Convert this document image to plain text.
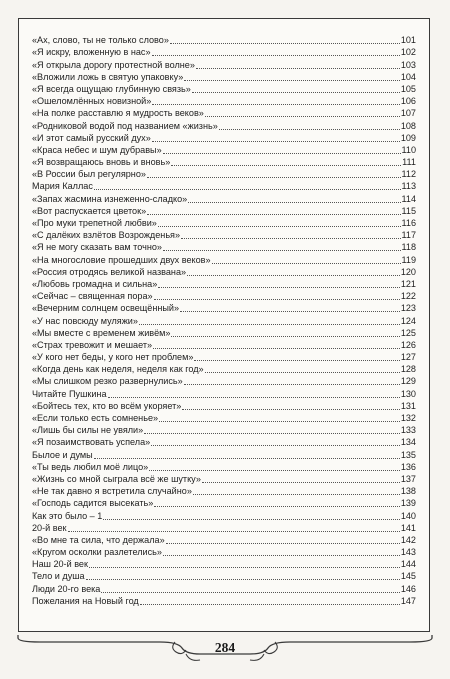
«Ах, слово, ты не только слово»	101
«Я искру, вложенную в нас»	102
«Я открыла дорогу протестной волне»	103
«Вложили ложь в святую упаковку»	104
«Я всегда ощущаю глубинную связь»	105
«Ошеломлённых новизной»	106
«На полке расставлю я мудрость веков»	107
«Родниковой водой под названием «жизнь»	108
«И этот самый русский дух»	109
«Краса небес и шум дубравы»	110
«Я возвращаюсь вновь и вновь»	111
«В России был регулярно»	112
Мария Каллас	113
«Запах жасмина изнеженно-сладко»	114
«Вот распускается цветок»	115
«Про муки трепетной любви»	116
«С далёких взлётов Возрожденья»	117
«Я не могу сказать вам точно»	118
«На многословие прошедших двух веков»	119
«Россия отродясь великой названа»	120
«Любовь громадна и сильна»	121
«Сейчас – священная пора»	122
«Вечерним солнцем освещённый»	123
«У нас повсюду муляжи»	124
«Мы вместе с временем живём»	125
«Страх тревожит и мешает»	126
«У кого нет беды, у кого нет проблем»	127
«Когда день как неделя, неделя как год»	128
«Мы слишком резко развернулись»	129
Читайте Пушкина	130
«Бойтесь тех, кто во всём укоряет»	131
«Если только есть сомненье»	132
«Лишь бы силы не увяли»	133
«Я позаимствовать успела»	134
Былое и думы	135
«Ты ведь любил моё лицо»	136
«Жизнь со мной сыграла всё же шутку»	137
«Не так давно я встретила случайно»	138
«Господь садится высекать»	139
Как это было – 1	140
20-й век	141
«Во мне та сила, что держала»	142
«Кругом осколки разлетелись»	143
Наш 20-й век	144
Тело и душа	145
Люди 20-го века	146
Пожелания на Новый год	147
284
